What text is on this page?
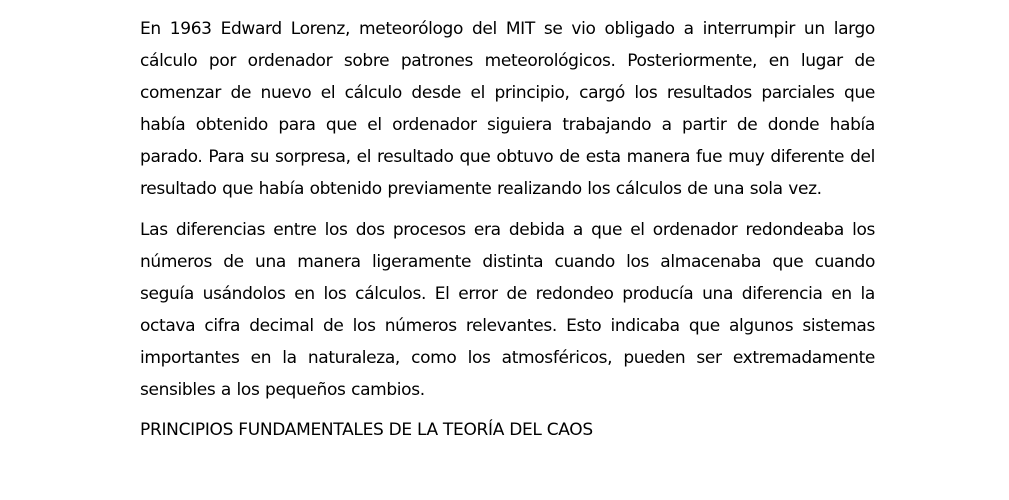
En 1963 Edward Lorenz, meteorólogo del MIT se vio obligado a interrumpir un largo cálculo por ordenador sobre patrones meteorológicos. Posteriormente, en lugar de comenzar de nuevo el cálculo desde el principio, cargó los resultados parciales que había obtenido para que el ordenador siguiera trabajando a partir de donde había parado. Para su sorpresa, el resultado que obtuvo de esta manera fue muy diferente del resultado que había obtenido previamente realizando los cálculos de una sola vez.

Las diferencias entre los dos procesos era debida a que el ordenador redondeaba los números de una manera ligeramente distinta cuando los almacenaba que cuando seguía usándolos en los cálculos. El error de redondeo producía una diferencia en la octava cifra decimal de los números relevantes. Esto indicaba que algunos sistemas importantes en la naturaleza, como los atmosféricos, pueden ser extremadamente sensibles a los pequeños cambios.

PRINCIPIOS FUNDAMENTALES DE LA TEORÍA DEL CAOS
